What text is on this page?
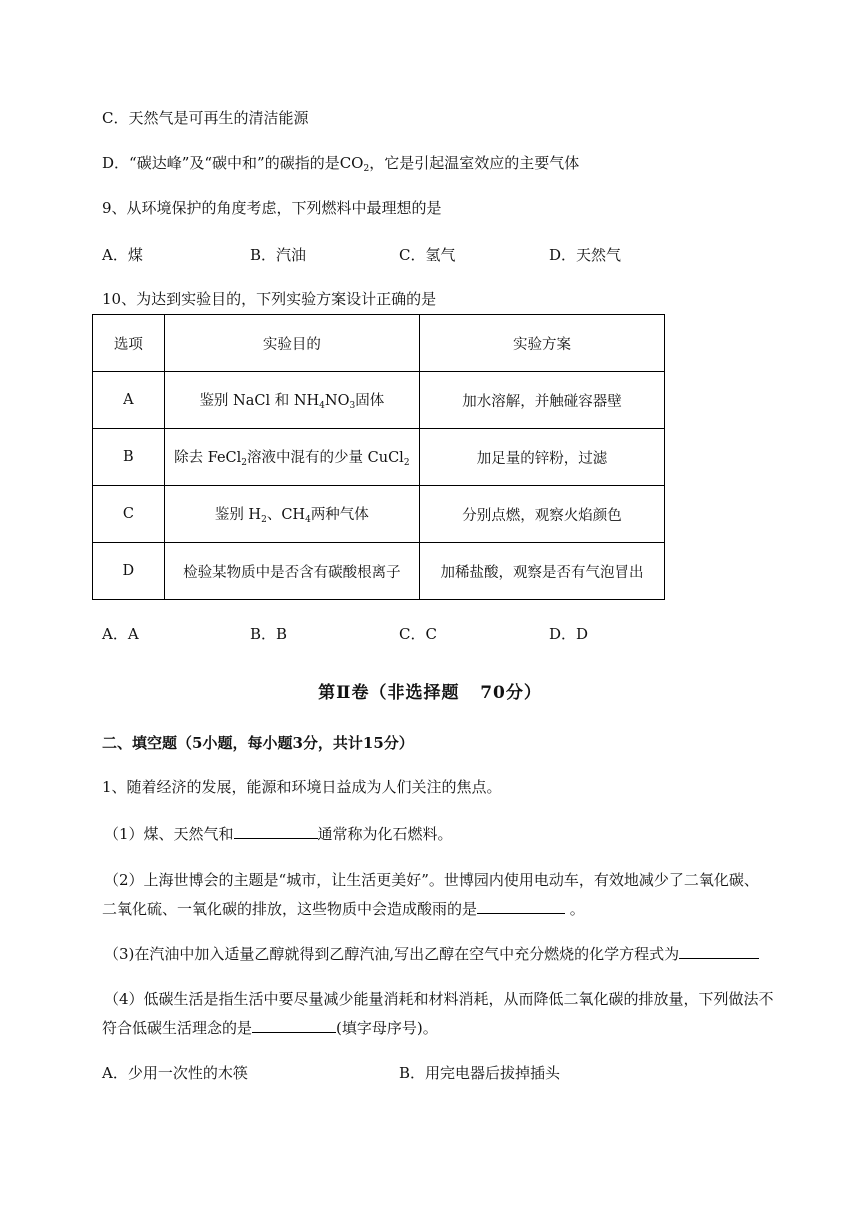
C．天然气是可再生的清洁能源
D．“碳达峰”及“碳中和”的碳指的是$CO_2$，它是引起温室效应的主要气体
9、从环境保护的角度考虑，下列燃料中最理想的是
A．煤	B．汽油	C．氢气	D．天然气
10、为达到实验目的，下列实验方案设计正确的是
选项	实验目的	实验方案
A	鉴别 NaCl 和 $NH_4NO_3$固体	加水溶解，并触碰容器壁
B	除去 FeCl$_2$溶液中混有的少量 CuCl$_2$	加足量的锌粉，过滤
C	鉴别 $H_2$、$CH_4$两种气体	分别点燃，观察火焰颜色
D	检验某物质中是否含有碳酸根离子	加稀盐酸，观察是否有气泡冒出
A．A	B．B	C．C	D．D
第Ⅱ卷（非选择题   70分）
二、填空题（5小题，每小题3分，共计15分）
1、随着经济的发展，能源和环境日益成为人们关注的焦点。
（1）煤、天然气和	通常称为化石燃料。
（2）上海世博会的主题是“城市，让生活更美好”。世博园内使用电动车，有效地减少了二氧化碳、
二氧化硫、一氧化碳的排放，这些物质中会造成酸雨的是	。
（3)在汽油中加入适量乙醇就得到乙醇汽油,写出乙醇在空气中充分燃烧的化学方程式为
（4）低碳生活是指生活中要尽量减少能量消耗和材料消耗，从而降低二氧化碳的排放量，下列做法不
符合低碳生活理念的是	(填字母序号)。
A．少用一次性的木筷	B．用完电器后拔掉插头
